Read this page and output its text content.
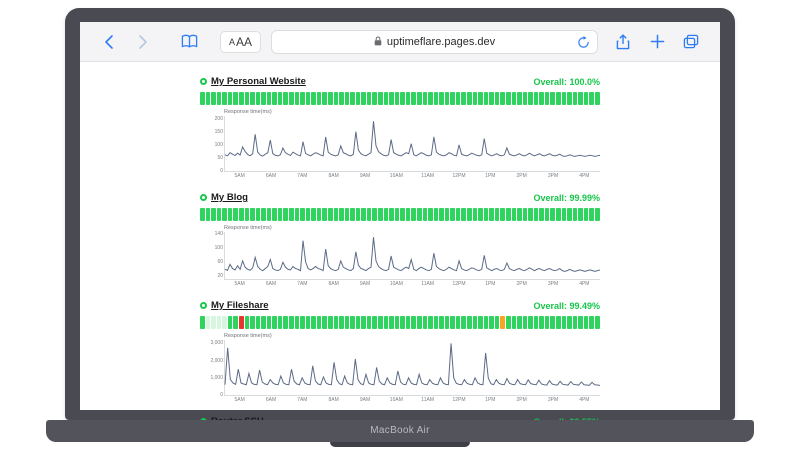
A AA	uptimeflare.pages.dev
My Personal Website	Overall: 100.0%
Response time(ms)
0
50
100
150
200
5AM	6AM	7AM	8AM	9AM	10AM	11AM	12PM	1PM	2PM	3PM	4PM
My Blog	Overall: 99.99%
Response time(ms)
20
60
100
140
5AM	6AM	7AM	8AM	9AM	10AM	11AM	12PM	1PM	2PM	3PM	4PM
My Fileshare	Overall: 99.49%
Response time(ms)
0
1,000
2,000
3,000
5AM	6AM	7AM	8AM	9AM	10AM	11AM	12PM	1PM	2PM	3PM	4PM
MacBook Air
